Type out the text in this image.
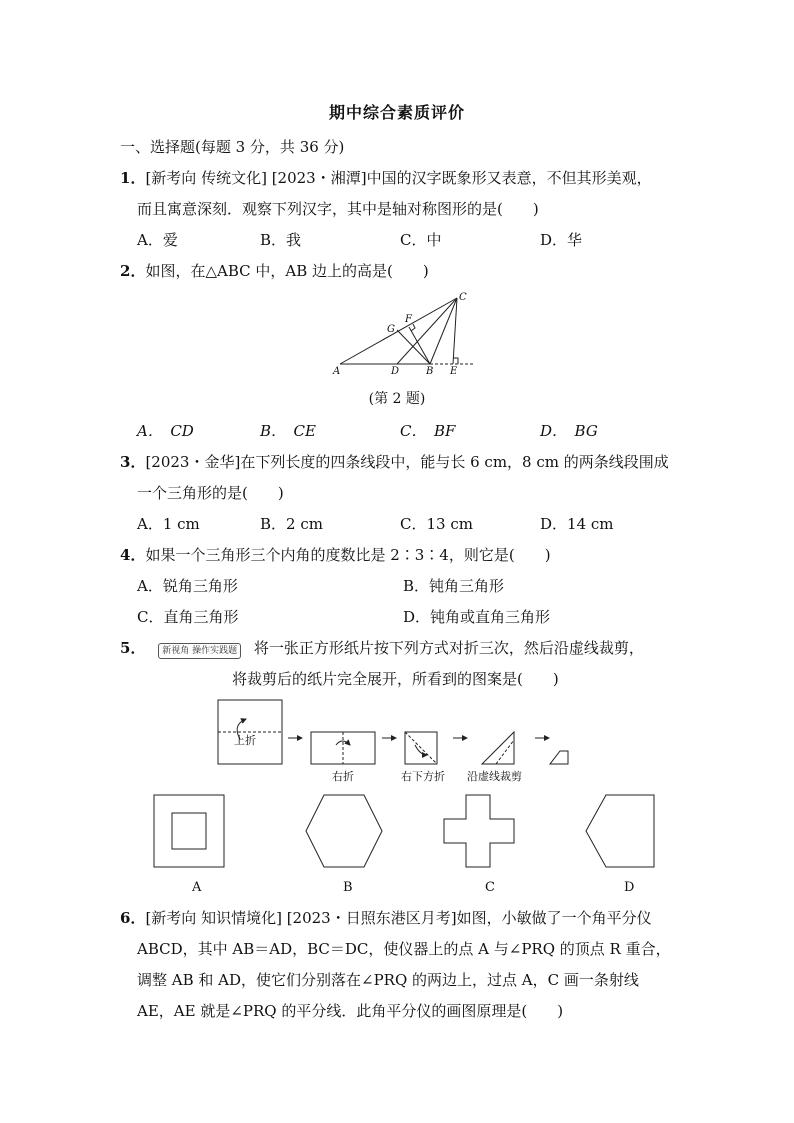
期中综合素质评价
一、选择题(每题 3 分，共 36 分)
1．[新考向 传统文化] [2023・湘潭]中国的汉字既象形又表意，不但其形美观，
而且寓意深刻．观察下列汉字，其中是轴对称图形的是(　　)
A．爱	B．我	C．中	D．华
2．如图，在△ABC 中，AB 边上的高是(　　)
A	B
C
D	E
F
G
(第 2 题)
A．　CD	B．　CE	C．　BF	D．　BG
3．[2023・金华]在下列长度的四条线段中，能与长 6 cm，8 cm 的两条线段围成
一个三角形的是(　　)
A．1 cm	B．2 cm	C．13 cm	D．14 cm
4．如果一个三角形三个内角的度数比是 2∶3∶4，则它是(　　)
A．锐角三角形	B．钝角三角形
C．直角三角形	D．钝角或直角三角形
5． 新视角 操作实践题 将一张正方形纸片按下列方式对折三次，然后沿虚线裁剪，
将裁剪后的纸片完全展开，所看到的图案是(　　)
上折
右折	右下方折 沿虚线裁剪
A	B	C	D
6．[新考向 知识情境化] [2023・日照东港区月考]如图，小敏做了一个角平分仪
ABCD，其中 AB＝AD，BC＝DC，使仪器上的点 A 与∠PRQ 的顶点 R 重合，
调整 AB 和 AD，使它们分别落在∠PRQ 的两边上，过点 A，C 画一条射线
AE，AE 就是∠PRQ 的平分线．此角平分仪的画图原理是(　　)
